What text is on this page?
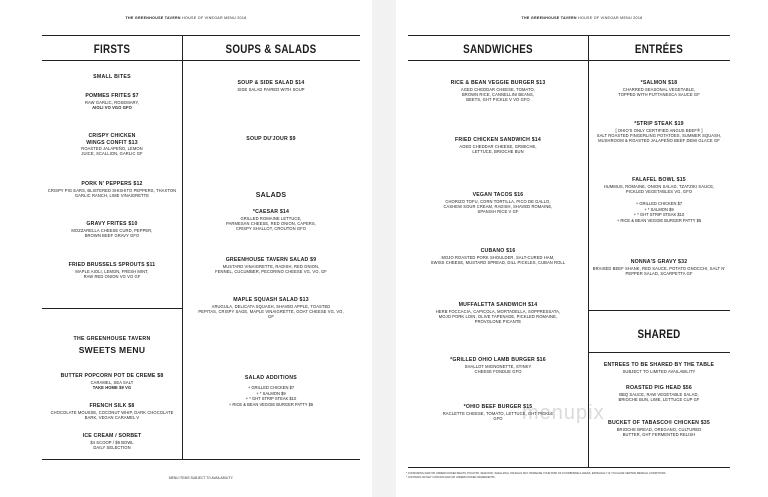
THE GREENHOUSE TAVERN HOUSE OF VINEGAR MENU 2018
FIRSTS	SOUPS & SALADS
SMALL BITES
POMMES FRITES $7
RAW GARLIC, ROSEMARY,
AIOLI VO VGO GFO
CRISPY CHICKEN
WINGS CONFIT $13
ROASTED JALAPEÑO, LEMON
JUICE, SCALLION, GARLIC GF
PORK N' PEPPERS $12
CRISPY PIG EARS, BLISTERED SHISHITO PEPPERS, THAXTON
GARLIC RANCH, LIME VINAIGRETTE
GRAVY FRITES $10
MOZZARELLA CHEESE CURD, PEPPER,
BROWN BEEF GRAVY GFO
FRIED BRUSSELS SPROUTS $11
MAPLE AIOLI, LEMON, FRESH MINT,
RAW RED ONION VG VO GF
THE GREENHOUSE TAVERN
SWEETS MENU
BUTTER POPCORN POT DE CREME $8
CARAMEL, SEA SALT
TAKE HOME $9 VG
FRENCH SILK $8
CHOCOLATE MOUSSE, COCONUT WHIP, DARK CHOCOLATE
BARK, VEGAN CARAMEL V
ICE CREAM / SORBET
$4 SCOOP / $9 BOWL
DAILY SELECTION
SOUP & SIDE SALAD $14
SIDE SALAD PAIRED WITH SOUP
SOUP DU'JOUR $9
SALADS
*CAESAR $14
GRILLED ROMAINE LETTUCE,
PARMESAN CHEESE, RED ONION, CAPERS,
CRISPY SHALLOT, CROUTON GFO
GREENHOUSE TAVERN SALAD $9
MUSTARD VINAIGRETTE, RADISH, RED ONION,
FENNEL, CUCUMBER, PECORINO CHEESE VG, VO, GF
MAPLE SQUASH SALAD $13
ARUGULA, DELICATA SQUASH, SHAVED APPLE, TOASTED
PEPITAS, CRISPY SAGE, MAPLE VINAIGRETTE, GOAT CHEESE VG, VO,
GF
SALAD ADDITIONS
+ GRILLED CHICKEN $7
+ * SALMON $9
+ * GHT STRIP STEAK $10
+ RICE & BEAN VEGGIE BURGER PATTY $5
MENU ITEMS SUBJECT TO AVAILABILITY.
THE GREENHOUSE TAVERN HOUSE OF VINEGAR MENU 2018
SANDWICHES	ENTRÉES
RICE & BEAN VEGGIE BURGER $13
AGED CHEDDAR CHEESE, TOMATO,
BROWN RICE, CANNELLINI BEANS,
BEETS, GHT PICKLE V VO GFO
FRIED CHICKEN SANDWICH $14
AGED CHEDDAR CHEESE, GRIBICHE,
LETTUCE, BRIOCHE BUN
VEGAN TACOS $16
CHORIZO TOFU, CORN TORTILLA, PICO DE GALLO,
CASHEW SOUR CREAM, RADISH, SHAVED ROMAINE,
SPANISH RICE V GF
CUBANO $16
MOJO ROASTED PORK SHOULDER, SALT-CURED HAM,
SWISS CHEESE, MUSTARD SPREAD, DILL PICKLES, CUBAN ROLL
MUFFALETTA SANDWICH $14
HERB FOCCACIA, CAPICOLA, MORTADELLA, SOPPRESSATA,
MOJO PORK LOIN, OLIVE TAPENADE, PICKLED ROMAINE,
PROVOLONE PICANTE
*GRILLED OHIO LAMB BURGER $16
SHALLOT MIGNONETTE, STINKY
CHEESE FONDUE GFO
*OHIO BEEF BURGER $15
RACLETTE CHEESE, TOMATO, LETTUCE, GHT PICKLE
GFO
*SALMON $18
CHARRED SEASONAL VEGETABLE,
TOPPED WITH PUTTANESCA SAUCE GF
*STRIP STEAK $19
[ OHIO'S ONLY CERTIFIED ANGUS BEEF® ]
SALT ROASTED FINGERLING POTATOES, SUMMER SQUASH,
MUSHROOM & ROASTED JALAPEÑO BEEF DEMI GLACE GF
FALAFEL BOWL $15
HUMMUS, ROMAINE, ONION SALAD, TZATZIKI SAUCE,
PICKLED VEGETABLES VG, GFO
+ GRILLED CHICKEN $7
+ * SALMON $9
+ * GHT STRIP STEAK $10
+ RICE & BEAN VEGGIE BURGER PATTY $5
NONNA'S GRAVY $32
BRAISED BEEF SHANK, RED SAUCE, POTATO GNOCCHI, SALT N'
PEPPER SALAD, SCARPETTA GF
SHARED
ENTREES TO BE SHARED BY THE TABLE
SUBJECT TO LIMITED AVAILABILITY
ROASTED PIG HEAD $56
BBQ SAUCE, RAW VEGETABLE SALAD,
BRIOCHE BUN, LIME, LETTUCE CUP GF
BUCKET OF TABASCO® CHICKEN $35
BRIOCHE BREAD, OREGANO, CULTURED
BUTTER, GHT FERMENTED RELISH
* CONSUMING RAW OR UNDERCOOKED MEATS, POULTRY, SEAFOOD, SHELLFISH, OR EGGS MAY INCREASE YOUR RISK OF FOODBORNE ILLNESS, ESPECIALLY IF YOU HAVE CERTAIN MEDICAL CONDITIONS.
* CONTAINS OR MAY CONTAIN RAW OR UNDERCOOKED INGREDIENTS.
menupix
